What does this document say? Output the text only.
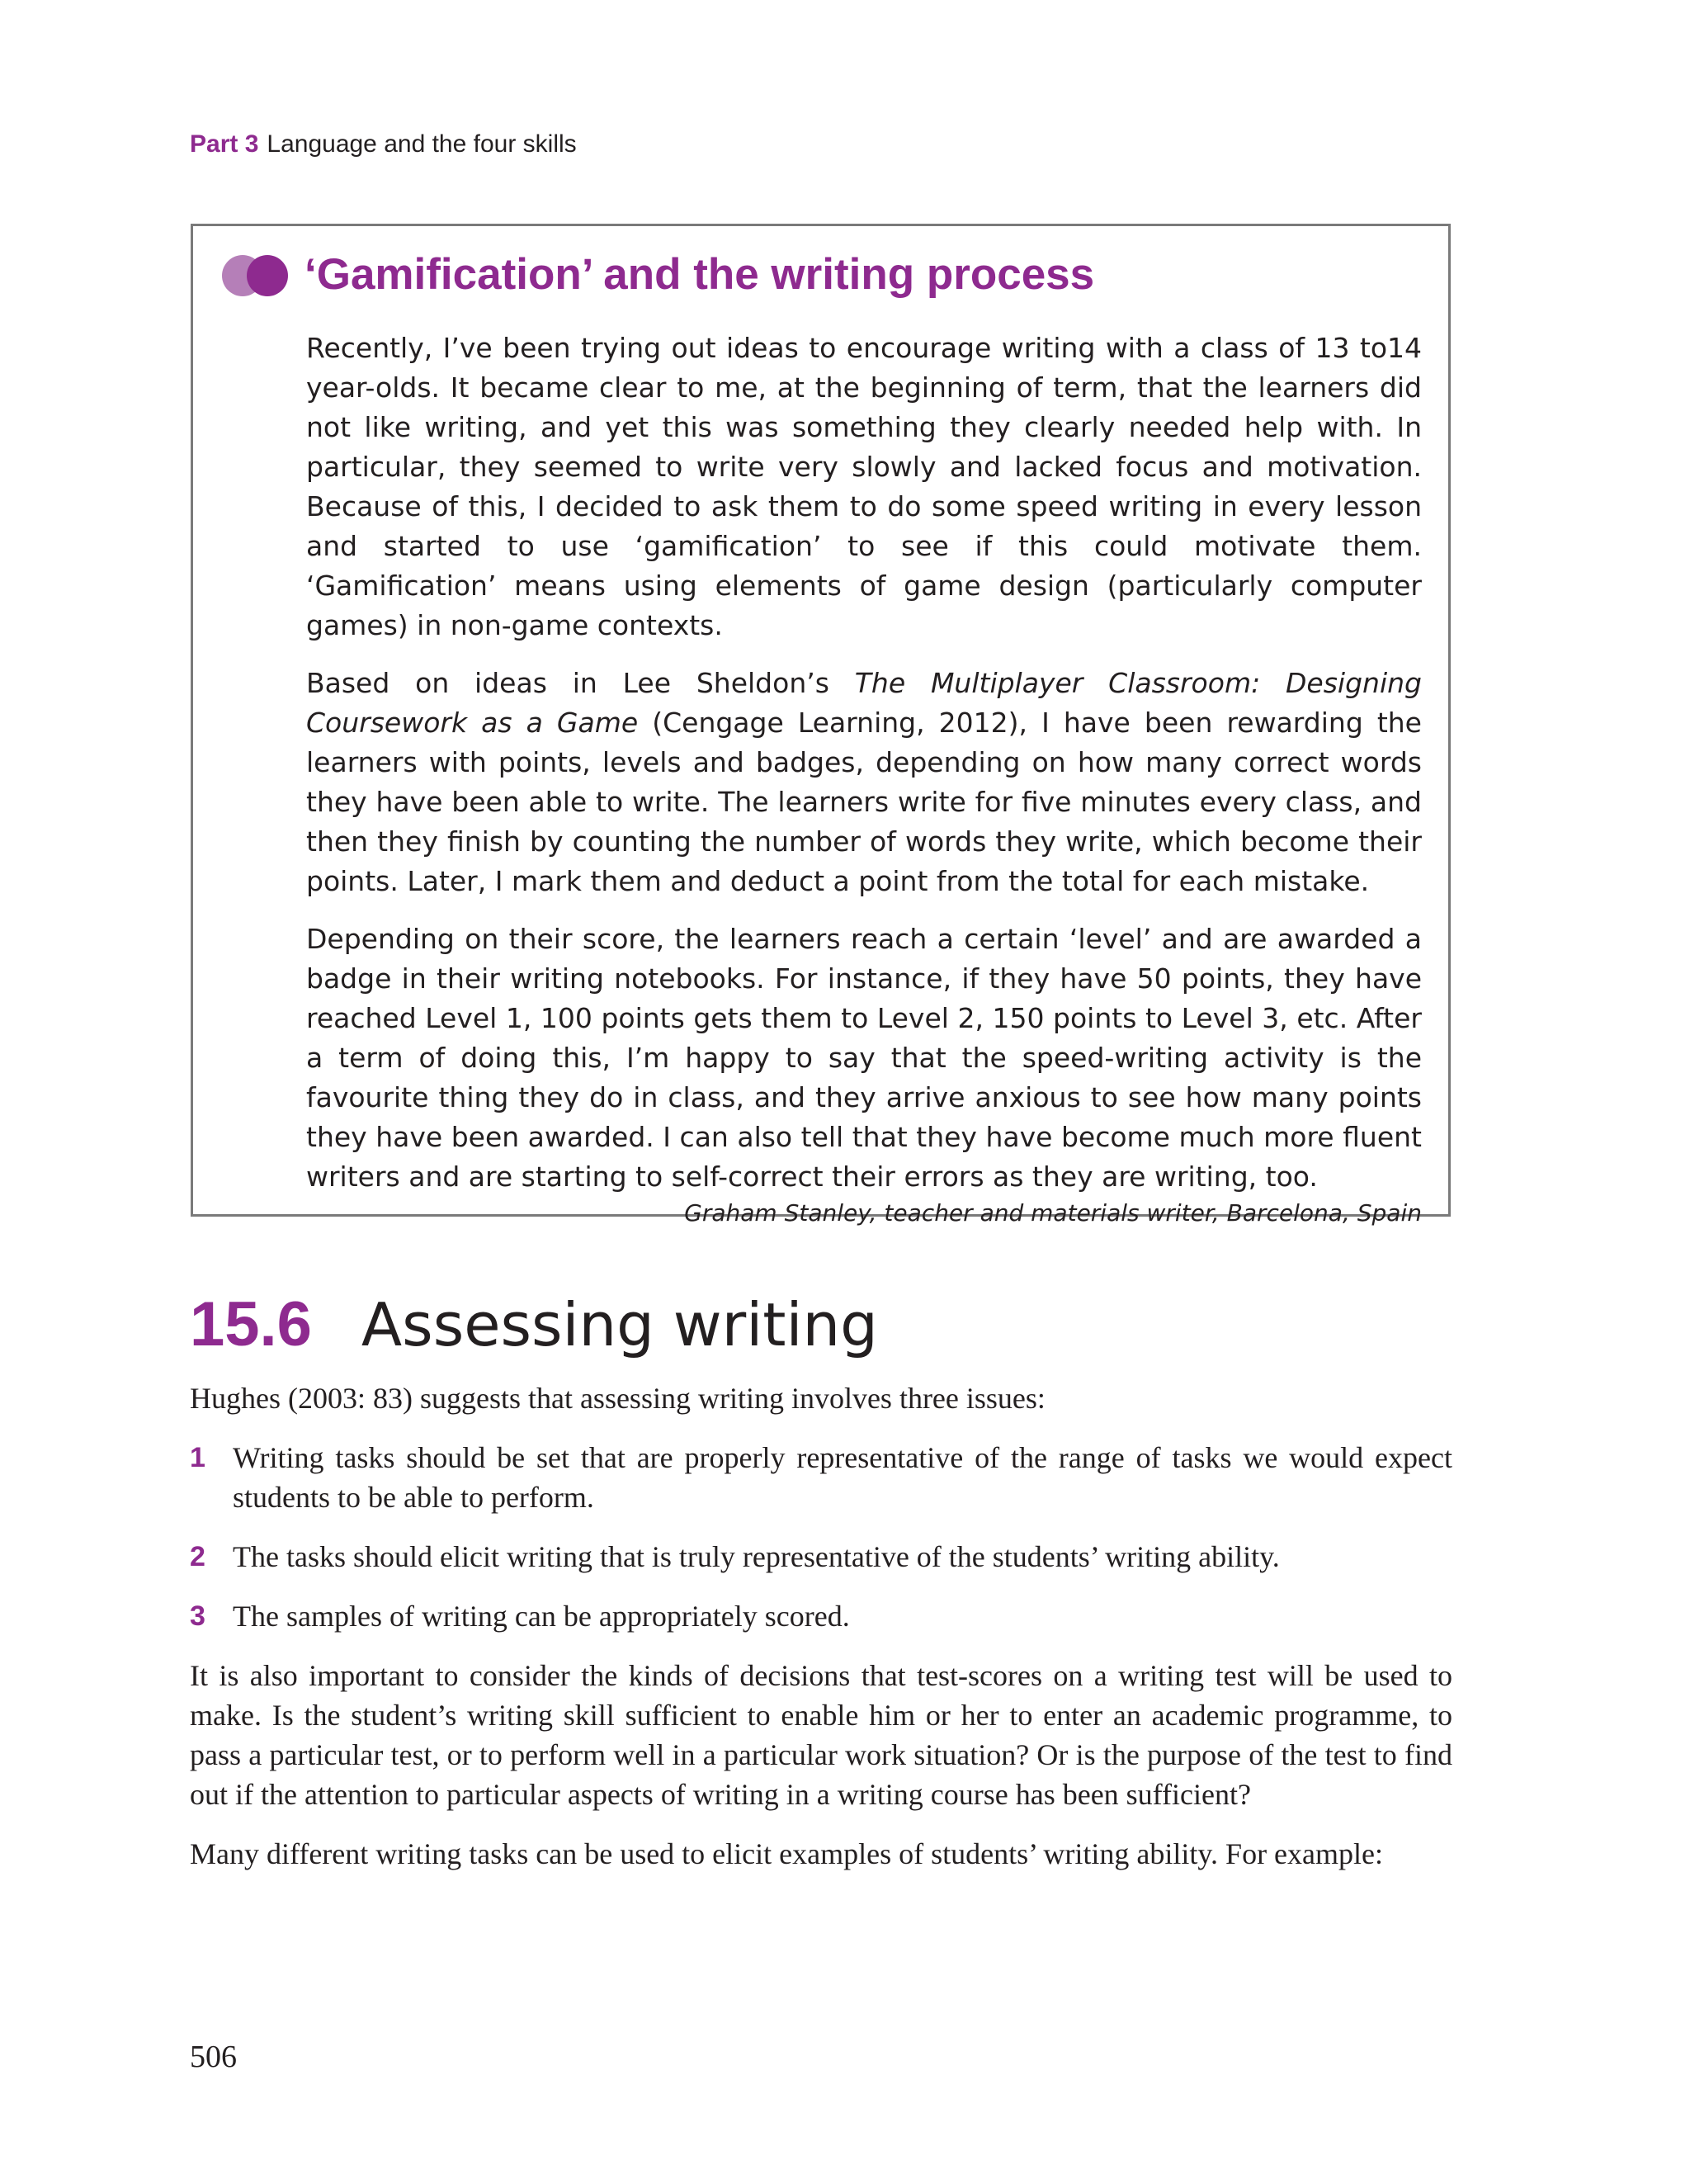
Part 3 Language and the four skills
‘Gamification’ and the writing process

Recently, I’ve been trying out ideas to encourage writing with a class of 13 to14 year-olds. It became clear to me, at the beginning of term, that the learners did not like writing, and yet this was something they clearly needed help with. In particular, they seemed to write very slowly and lacked focus and motivation. Because of this, I decided to ask them to do some speed writing in every lesson and started to use ‘gamification’ to see if this could motivate them. ‘Gamification’ means using elements of game design (particularly computer games) in non-game contexts.

Based on ideas in Lee Sheldon’s The Multiplayer Classroom: Designing Coursework as a Game (Cengage Learning, 2012), I have been rewarding the learners with points, levels and badges, depending on how many correct words they have been able to write. The learners write for five minutes every class, and then they finish by counting the number of words they write, which become their points. Later, I mark them and deduct a point from the total for each mistake.

Depending on their score, the learners reach a certain ‘level’ and are awarded a badge in their writing notebooks. For instance, if they have 50 points, they have reached Level 1, 100 points gets them to Level 2, 150 points to Level 3, etc. After a term of doing this, I’m happy to say that the speed-writing activity is the favourite thing they do in class, and they arrive anxious to see how many points they have been awarded. I can also tell that they have become much more fluent writers and are starting to self-correct their errors as they are writing, too.

Graham Stanley, teacher and materials writer, Barcelona, Spain
15.6 Assessing writing

Hughes (2003: 83) suggests that assessing writing involves three issues:

1 Writing tasks should be set that are properly representative of the range of tasks we would expect students to be able to perform.
2 The tasks should elicit writing that is truly representative of the students’ writing ability.
3 The samples of writing can be appropriately scored.

It is also important to consider the kinds of decisions that test-scores on a writing test will be used to make. Is the student’s writing skill sufficient to enable him or her to enter an academic programme, to pass a particular test, or to perform well in a particular work situation? Or is the purpose of the test to find out if the attention to particular aspects of writing in a writing course has been sufficient?

Many different writing tasks can be used to elicit examples of students’ writing ability. For example:

506
